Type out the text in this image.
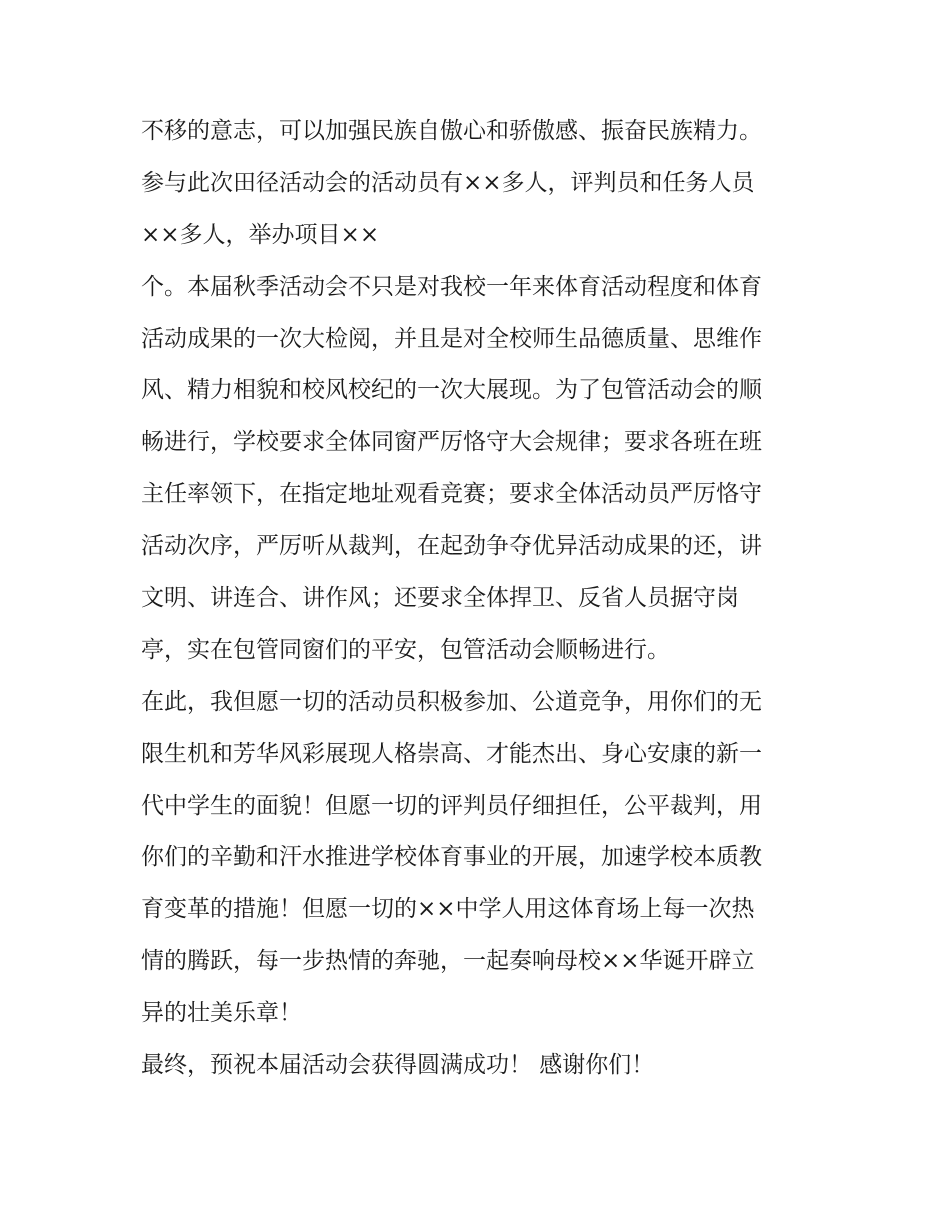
不移的意志，可以加强民族自傲心和骄傲感、振奋民族精力。
参与此次田径活动会的活动员有××多人，评判员和任务人员
××多人，举办项目××
个。本届秋季活动会不只是对我校一年来体育活动程度和体育
活动成果的一次大检阅，并且是对全校师生品德质量、思维作
风、精力相貌和校风校纪的一次大展现。为了包管活动会的顺
畅进行，学校要求全体同窗严厉恪守大会规律；要求各班在班
主任率领下，在指定地址观看竞赛；要求全体活动员严厉恪守
活动次序，严厉听从裁判，在起劲争夺优异活动成果的还，讲
文明、讲连合、讲作风；还要求全体捍卫、反省人员据守岗
亭，实在包管同窗们的平安，包管活动会顺畅进行。
在此，我但愿一切的活动员积极参加、公道竞争，用你们的无
限生机和芳华风彩展现人格崇高、才能杰出、身心安康的新一
代中学生的面貌！但愿一切的评判员仔细担任，公平裁判，用
你们的辛勤和汗水推进学校体育事业的开展，加速学校本质教
育变革的措施！但愿一切的××中学人用这体育场上每一次热
情的腾跃，每一步热情的奔驰，一起奏响母校××华诞开辟立
异的壮美乐章！
最终，预祝本届活动会获得圆满成功！ 感谢你们！
